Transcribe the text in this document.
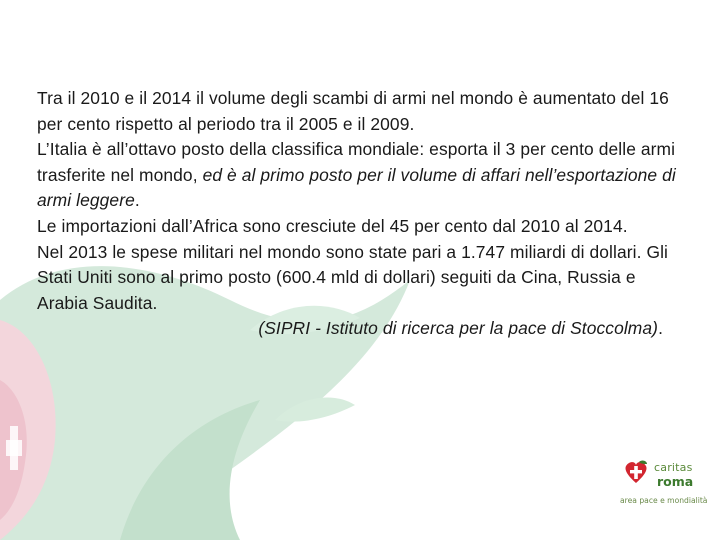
Tra il 2010 e il 2014 il volume degli scambi di armi nel mondo è aumentato del 16 per cento rispetto al periodo tra il 2005 e il 2009.

L’Italia è all’ottavo posto della classifica mondiale: esporta il 3 per cento delle armi trasferite nel mondo, ed è al primo posto per il volume di affari nell’esportazione di armi leggere.

Le importazioni dall’Africa sono cresciute del 45 per cento dal 2010 al 2014.

Nel 2013 le spese militari nel mondo sono state pari a 1.747 miliardi di dollari. Gli Stati Uniti sono al primo posto (600.4 mld di dollari) seguiti da Cina, Russia e Arabia Saudita.

(SIPRI - Istituto di ricerca per la pace di Stoccolma).

caritas
roma
area pace e mondialità
